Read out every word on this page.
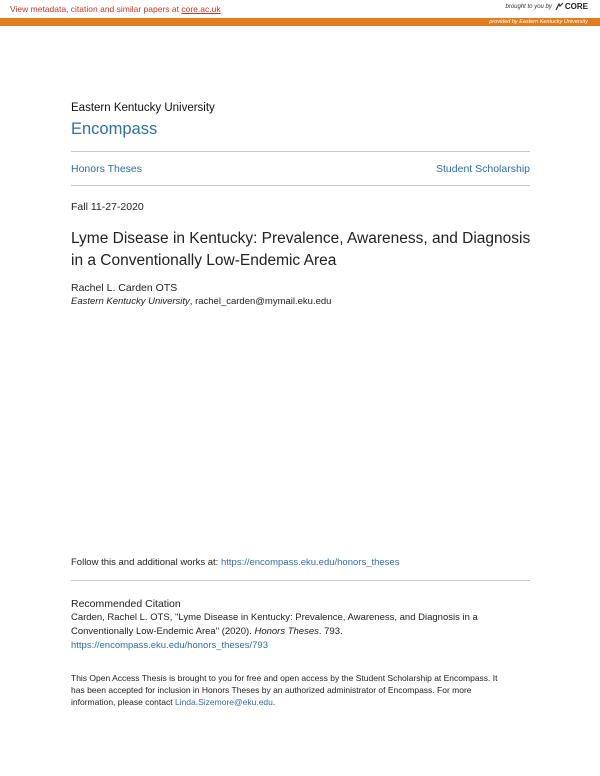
View metadata, citation and similar papers at core.ac.uk	brought to you by CORE
provided by Eastern Kentucky University
Eastern Kentucky University
Encompass
Honors Theses	Student Scholarship
Fall 11-27-2020
Lyme Disease in Kentucky: Prevalence, Awareness, and Diagnosis
in a Conventionally Low-Endemic Area
Rachel L. Carden OTS
Eastern Kentucky University, rachel_carden@mymail.eku.edu
Follow this and additional works at: https://encompass.eku.edu/honors_theses
Recommended Citation
Carden, Rachel L. OTS, "Lyme Disease in Kentucky: Prevalence, Awareness, and Diagnosis in a
Conventionally Low-Endemic Area" (2020). Honors Theses. 793.
https://encompass.eku.edu/honors_theses/793
This Open Access Thesis is brought to you for free and open access by the Student Scholarship at Encompass. It
has been accepted for inclusion in Honors Theses by an authorized administrator of Encompass. For more
information, please contact Linda.Sizemore@eku.edu.
